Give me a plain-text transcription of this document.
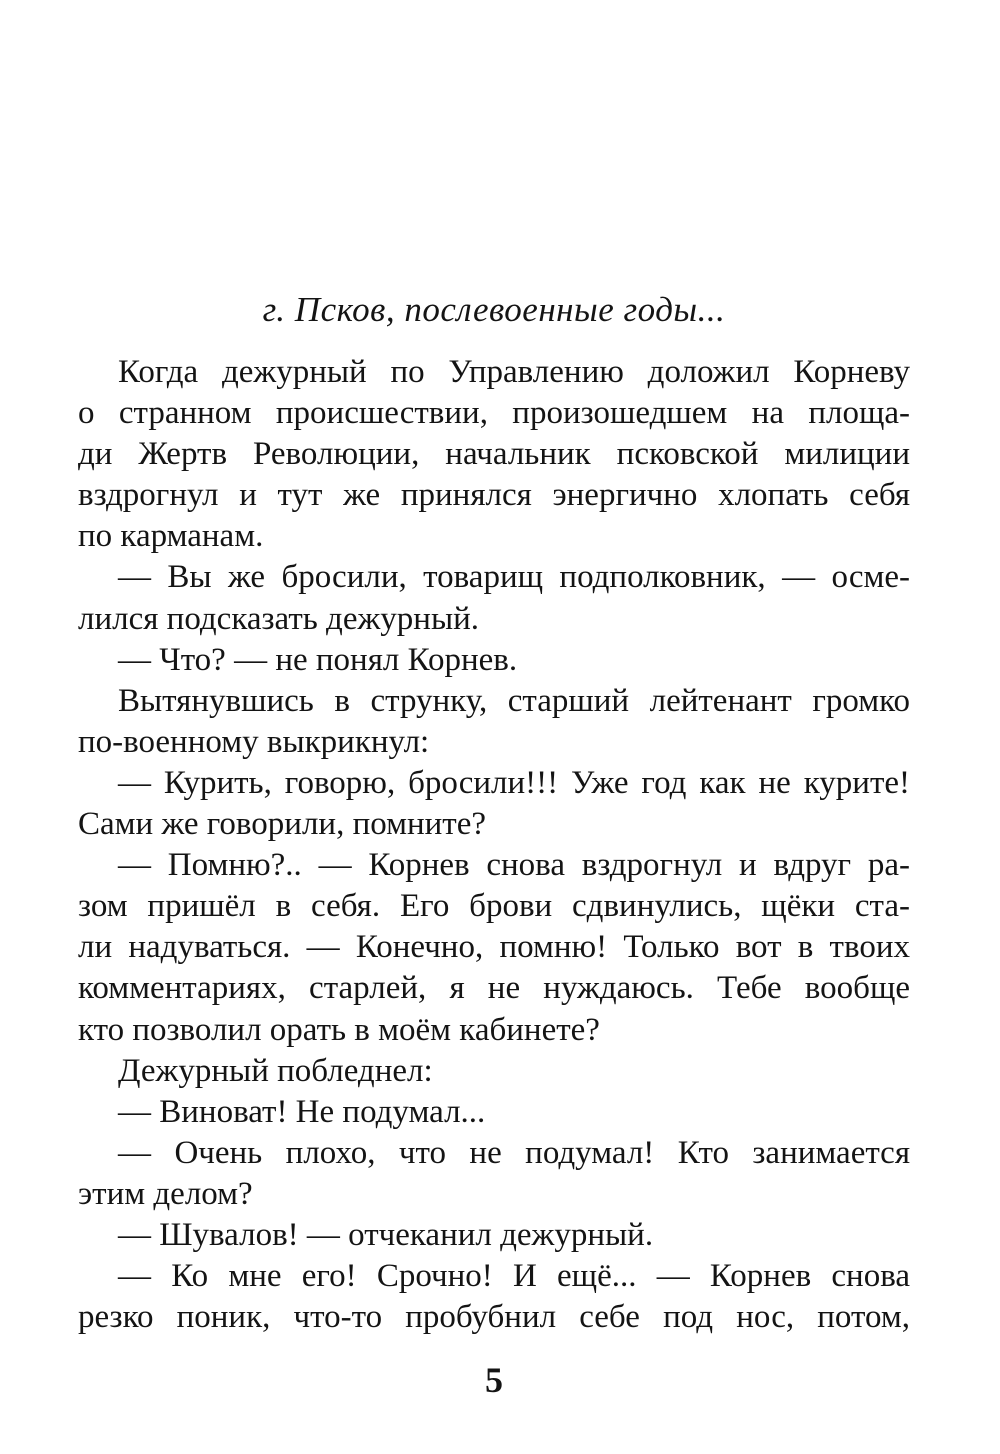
г. Псков, послевоенные годы...
Когда дежурный по Управлению доложил Корневу
о странном происшествии, произошедшем на площа-
ди Жертв Революции, начальник псковской милиции
вздрогнул и тут же принялся энергично хлопать себя
по карманам.
— Вы же бросили, товарищ подполковник, — осме-
лился подсказать дежурный.
— Что? — не понял Корнев.
Вытянувшись в струнку, старший лейтенант громко
по-военному выкрикнул:
— Курить, говорю, бросили!!! Уже год как не курите!
Сами же говорили, помните?
— Помню?.. — Корнев снова вздрогнул и вдруг ра-
зом пришёл в себя. Его брови сдвинулись, щёки ста-
ли надуваться. — Конечно, помню! Только вот в твоих
комментариях, старлей, я не нуждаюсь. Тебе вообще
кто позволил орать в моём кабинете?
Дежурный побледнел:
— Виноват! Не подумал...
— Очень плохо, что не подумал! Кто занимается
этим делом?
— Шувалов! — отчеканил дежурный.
— Ко мне его! Срочно! И ещё... — Корнев снова
резко поник, что-то пробубнил себе под нос, потом,
5
